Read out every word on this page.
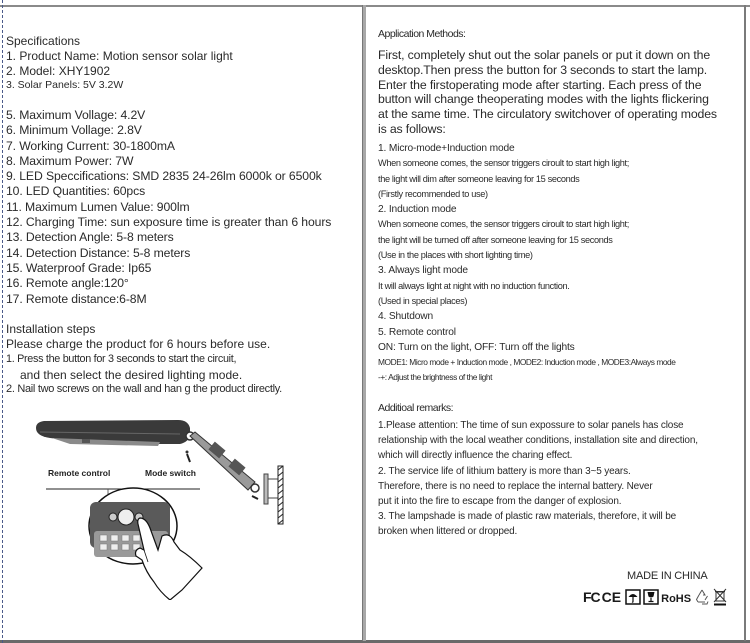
Specifications
1. Product Name: Motion sensor solar light
2. Model: XHY1902
3. Solar Panels: 5V 3.2W
5. Maximum Vollage: 4.2V
6. Minimum Vollage: 2.8V
7. Working Current: 30-1800mA
8. Maximum Power: 7W
9. LED Speccifications: SMD 2835 24-26lm 6000k or 6500k
10. LED Quantities: 60pcs
11. Maximum Lumen Value: 900lm
12. Charging Time: sun exposure time is greater than 6 hours
13. Detection Angle: 5-8 meters
14. Detection Distance: 5-8 meters
15. Waterproof Grade: Ip65
16. Remote angle:120°
17. Remote distance:6-8M
Installation steps
Please charge the product for 6 hours before use.
1. Press the button for 3 seconds to start the circuit,
and then select the desired lighting mode.
2. Nail two screws on the wall and han g the product directly.
Remote control	Mode switch
Application Methods:

First, completely shut out the solar panels or put it down on the

desktop.Then press the button for 3 seconds to start the lamp.

Enter the firstoperating mode after starting. Each press of the

button will change theoperating modes with the lights flickering

at the same time. The circulatory switchover of operating modes

is as follows:

1. Micro-mode+Induction mode
When someone comes, the sensor triggers ciroult to start high light;
the light will dim after someone leaving for 15 seconds
(Firstly recommended to use)
2. Induction mode
When someone comes, the sensor triggers ciroult to start high light;
the light will be turned off after someone leaving for 15 seconds
(Use in the places with short lighting time)
3. Always light mode
It will always light at night with no induction function.
(Used in special places)
4. Shutdown
5. Remote control
ON: Turn on the light, OFF: Turn off the lights
MODE1: Micro mode + Induction mode , MODE2: Induction mode , MODE3:Always mode
-+: Adjust the brightness of the light
Additioal remarks:
1.Please attention: The time of sun expossure to solar panels has close
relationship with the local weather conditions, installation site and direction,
which will directly influence the charing effect.
2. The service life of lithium battery is more than 3~5 years.
Therefore, there is no need to replace the internal battery. Never
put it into the fire to escape from the danger of explosion.
3. The lampshade is made of plastic raw materials, therefore, it will be
broken when littered or dropped.
MADE IN CHINA
FC CE	RoHS
